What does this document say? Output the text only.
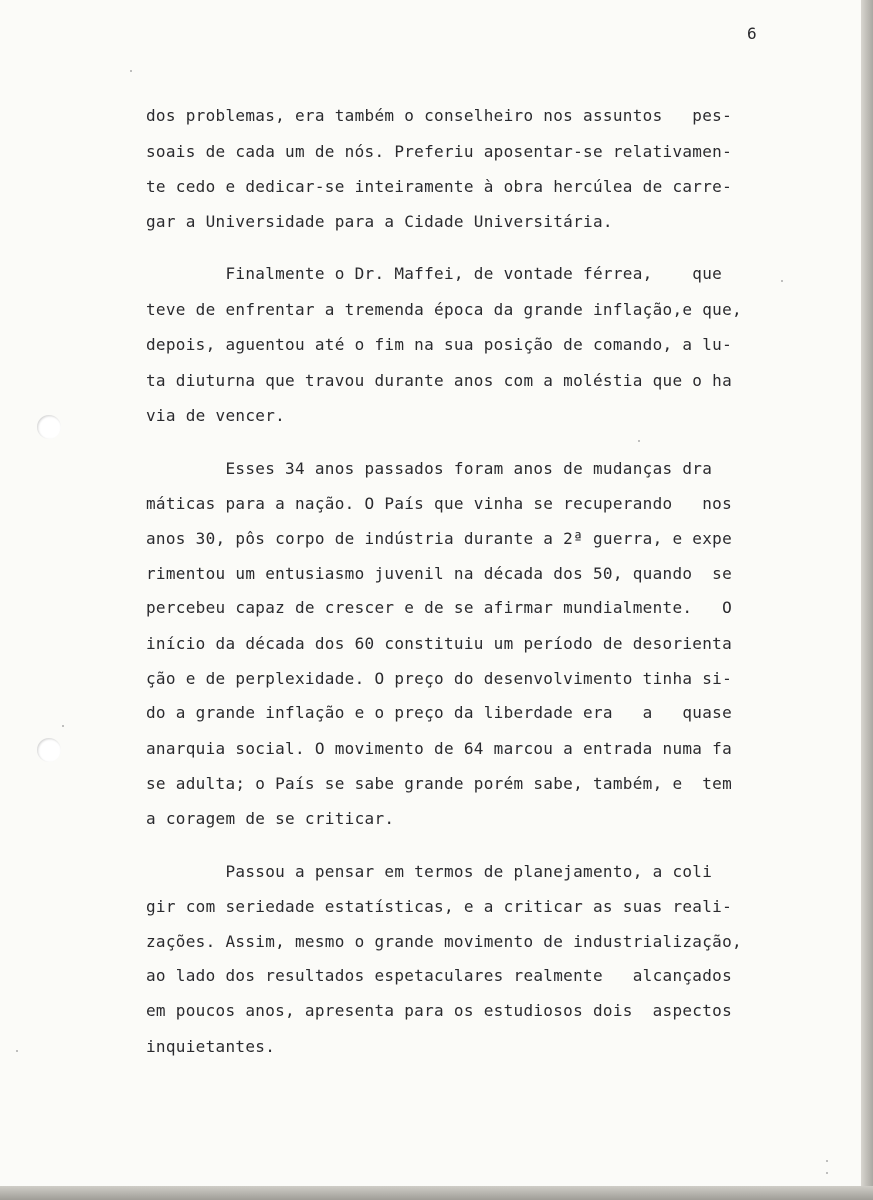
6
dos problemas, era também o conselheiro nos assuntos   pes-
soais de cada um de nós. Preferiu aposentar-se relativamen-
te cedo e dedicar-se inteiramente à obra hercúlea de carre-
gar a Universidade para a Cidade Universitária.
Finalmente o Dr. Maffei, de vontade férrea,    que
teve de enfrentar a tremenda época da grande inflação,e que,
depois, aguentou até o fim na sua posição de comando, a lu-
ta diuturna que travou durante anos com a moléstia que o ha
via de vencer.
Esses 34 anos passados foram anos de mudanças dra
máticas para a nação. O País que vinha se recuperando   nos
anos 30, pôs corpo de indústria durante a 2ª guerra, e expe
rimentou um entusiasmo juvenil na década dos 50, quando  se
percebeu capaz de crescer e de se afirmar mundialmente.   O
início da década dos 60 constituiu um período de desorienta
ção e de perplexidade. O preço do desenvolvimento tinha si-
do a grande inflação e o preço da liberdade era   a   quase
anarquia social. O movimento de 64 marcou a entrada numa fa
se adulta; o País se sabe grande porém sabe, também, e  tem
a coragem de se criticar.
Passou a pensar em termos de planejamento, a coli
gir com seriedade estatísticas, e a criticar as suas reali-
zações. Assim, mesmo o grande movimento de industrialização,
ao lado dos resultados espetaculares realmente   alcançados
em poucos anos, apresenta para os estudiosos dois  aspectos
inquietantes.
